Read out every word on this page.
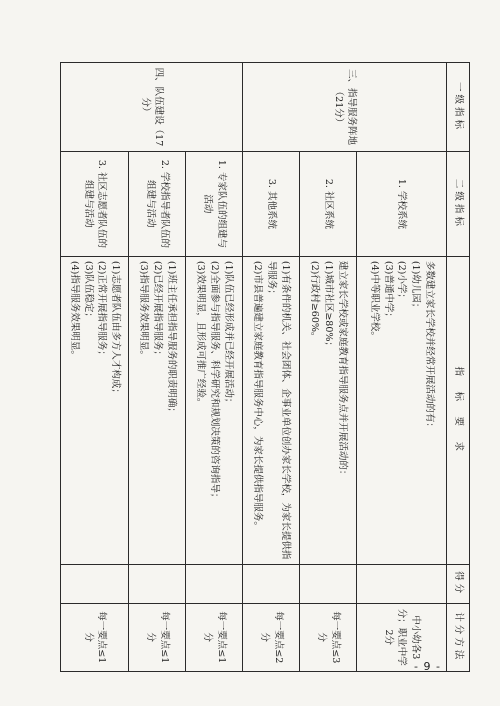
一级指标	二级指标	指　标　要　求	得分	计分方法
三、指导服务阵地（21分）	1. 学校系统	多数建立家长学校并经常开展活动的有：
(1)幼儿园；
(2)小学；
(3)普通中学；
(4)中等职业学校。		中小幼各3分；职业中学2分
	2. 社区系统	建立家长学校或家庭教育指导服务点并开展活动的：
(1)城市社区≥80%；
(2)行政村≥60%。		每一要点≤3分
	3. 其他系统	(1)有条件的机关、社会团体、企事业单位创办家长学校，为家长提供指导服务；
(2)市县普遍建立家庭教育指导服务中心，为家长提供指导服务。		每一要点≤2分
四、队伍建设（17分）	1. 专家队伍的组建与活动	(1)队伍已经形成并已经开展活动；
(2)全面参与指导服务、科学研究和规划决策的咨询指导；
(3)效果明显，且形成可推广经验。		每一要点≤1分
	2. 学校指导者队伍的组建与活动	(1)班主任承担指导服务的职责明确；
(2)已经开展指导服务；
(3)指导服务效果明显。		每一要点≤1分
	3. 社区志愿者队伍的组建与活动	(1)志愿者队伍由多方人才构成；
(2)正常开展指导服务；
(3)队伍稳定；
(4)指导服务效果明显。		每一要点≤1分
- 9 -
